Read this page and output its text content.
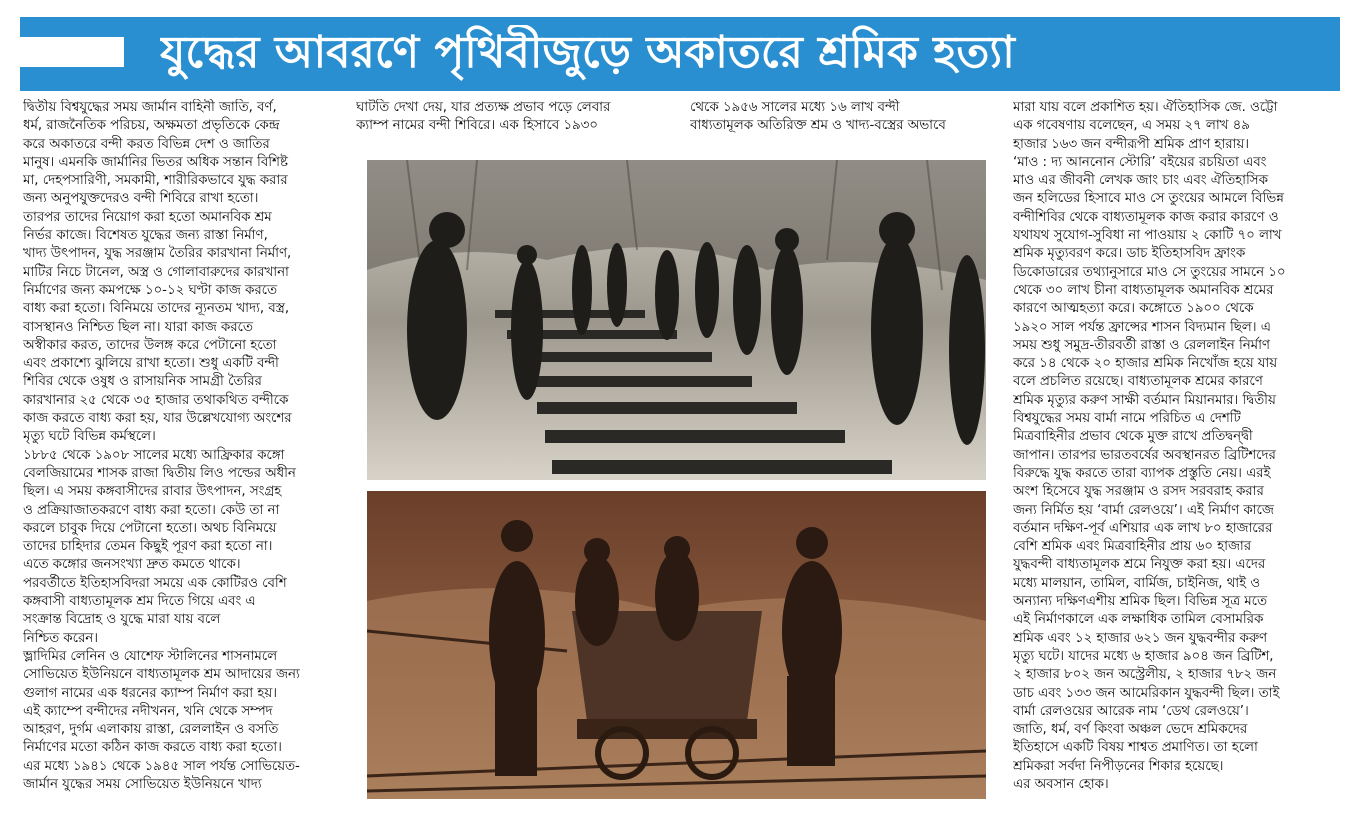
যুদ্ধের আবরণে পৃথিবীজুড়ে অকাতরে শ্রমিক হত্যা
দ্বিতীয় বিশ্বযুদ্ধের সময় জার্মান বাহিনী জাতি, বর্ণ,
ধর্ম, রাজনৈতিক পরিচয়, অক্ষমতা প্রভৃতিকে কেন্দ্র
করে অকাতরে বন্দী করত বিভিন্ন দেশ ও জাতির
মানুষ। এমনকি জার্মানির ভিতর অধিক সন্তান বিশিষ্ট
মা, দেহপসারিণী, সমকামী, শারীরিকভাবে যুদ্ধ করার
জন্য অনুপযুক্তদেরও বন্দী শিবিরে রাখা হতো।
তারপর তাদের নিয়োগ করা হতো অমানবিক শ্রম
নির্ভর কাজে। বিশেষত যুদ্ধের জন্য রাস্তা নির্মাণ,
খাদ্য উৎপাদন, যুদ্ধ সরঞ্জাম তৈরির কারখানা নির্মাণ,
মাটির নিচে টানেল, অস্ত্র ও গোলাবারুদের কারখানা
নির্মাণের জন্য কমপক্ষে ১০-১২ ঘণ্টা কাজ করতে
বাধ্য করা হতো। বিনিময়ে তাদের ন্যূনতম খাদ্য, বস্ত্র,
বাসস্থানও নিশ্চিত ছিল না। যারা কাজ করতে
অস্বীকার করত, তাদের উলঙ্গ করে পেটানো হতো
এবং প্রকাশ্যে ঝুলিয়ে রাখা হতো। শুধু একটি বন্দী
শিবির থেকে ওষুধ ও রাসায়নিক সামগ্রী তৈরির
কারখানার ২৫ থেকে ৩৫ হাজার তথাকথিত বন্দীকে
কাজ করতে বাধ্য করা হয়, যার উল্লেখযোগ্য অংশের
মৃত্যু ঘটে বিভিন্ন কর্মস্থলে।
১৮৮৫ থেকে ১৯০৮ সালের মধ্যে আফ্রিকার কঙ্গো
বেলজিয়ামের শাসক রাজা দ্বিতীয় লিও পল্ডের অধীন
ছিল। এ সময় কঙ্গবাসীদের রাবার উৎপাদন, সংগ্রহ
ও প্রক্রিয়াজাতকরণে বাধ্য করা হতো। কেউ তা না
করলে চাবুক দিয়ে পেটানো হতো। অথচ বিনিময়ে
তাদের চাহিদার তেমন কিছুই পূরণ করা হতো না।
এতে কঙ্গোর জনসংখ্যা দ্রুত কমতে থাকে।
পরবর্তীতে ইতিহাসবিদরা সময়ে এক কোটিরও বেশি
কঙ্গবাসী বাধ্যতামূলক শ্রম দিতে গিয়ে এবং এ
সংক্রান্ত বিদ্রোহ ও যুদ্ধে মারা যায় বলে
নিশ্চিত করেন।
ভ্লাদিমির লেনিন ও যোশেফ স্টালিনের শাসনামলে
সোভিয়েত ইউনিয়নে বাধ্যতামূলক শ্রম আদায়ের জন্য
গুলাগ নামের এক ধরনের ক্যাম্প নির্মাণ করা হয়।
এই ক্যাম্পে বন্দীদের নদীখনন, খনি থেকে সম্পদ
আহরণ, দুর্গম এলাকায় রাস্তা, রেললাইন ও বসতি
নির্মাণের মতো কঠিন কাজ করতে বাধ্য করা হতো।
এর মধ্যে ১৯৪১ থেকে ১৯৪৫ সাল পর্যন্ত সোভিয়েত-
জার্মান যুদ্ধের সময় সোভিয়েত ইউনিয়নে খাদ্য
ঘাটতি দেখা দেয়, যার প্রত্যক্ষ প্রভাব পড়ে লেবার
ক্যাম্প নামের বন্দী শিবিরে। এক হিসাবে ১৯৩০
থেকে ১৯৫৬ সালের মধ্যে ১৬ লাখ বন্দী
বাধ্যতামূলক অতিরিক্ত শ্রম ও খাদ্য-বস্ত্রের অভাবে
মারা যায় বলে প্রকাশিত হয়। ঐতিহাসিক জে. ওট্টো
এক গবেষণায় বলেছেন, এ সময় ২৭ লাখ ৪৯
হাজার ১৬৩ জন বন্দীরূপী শ্রমিক প্রাণ হারায়।
‘মাও : দ্য আননোন স্টোরি’ বইয়ের রচয়িতা এবং
মাও এর জীবনী লেখক জাং চাং এবং ঐতিহাসিক
জন হলিডের হিসাবে মাও সে তুংয়ের আমলে বিভিন্ন
বন্দীশিবির থেকে বাধ্যতামূলক কাজ করার কারণে ও
যথাযথ সুযোগ-সুবিধা না পাওয়ায় ২ কোটি ৭০ লাখ
শ্রমিক মৃত্যুবরণ করে। ডাচ ইতিহাসবিদ ফ্রাংক
ডিকোডারের তথ্যানুসারে মাও সে তুংয়ের সামনে ১০
থেকে ৩০ লাখ চীনা বাধ্যতামূলক অমানবিক শ্রমের
কারণে আত্মহত্যা করে। কঙ্গোতে ১৯০০ থেকে
১৯২০ সাল পর্যন্ত ফ্রান্সের শাসন বিদ্যমান ছিল। এ
সময় শুধু সমুদ্র-তীরবর্তী রাস্তা ও রেললাইন নির্মাণ
করে ১৪ থেকে ২০ হাজার শ্রমিক নিখোঁজ হয়ে যায়
বলে প্রচলিত রয়েছে। বাধ্যতামূলক শ্রমের কারণে
শ্রমিক মৃত্যুর করুণ সাক্ষী বর্তমান মিয়ানমার। দ্বিতীয়
বিশ্বযুদ্ধের সময় বার্মা নামে পরিচিত এ দেশটি
মিত্রবাহিনীর প্রভাব থেকে মুক্ত রাখে প্রতিদ্বন্দ্বী
জাপান। তারপর ভারতবর্ষের অবস্থানরত ব্রিটিশদের
বিরুদ্ধে যুদ্ধ করতে তারা ব্যাপক প্রস্তুতি নেয়। এরই
অংশ হিসেবে যুদ্ধ সরঞ্জাম ও রসদ সরবরাহ করার
জন্য নির্মিত হয় ‘বার্মা রেলওয়ে’। এই নির্মাণ কাজে
বর্তমান দক্ষিণ-পূর্ব এশিয়ার এক লাখ ৮০ হাজারের
বেশি শ্রমিক এবং মিত্রবাহিনীর প্রায় ৬০ হাজার
যুদ্ধবন্দী বাধ্যতামূলক শ্রমে নিযুক্ত করা হয়। এদের
মধ্যে মালয়ান, তামিল, বার্মিজ, চাইনিজ, থাই ও
অন্যান্য দক্ষিণএশীয় শ্রমিক ছিল। বিভিন্ন সূত্র মতে
এই নির্মাণকালে এক লক্ষাধিক তামিল বেসামরিক
শ্রমিক এবং ১২ হাজার ৬২১ জন যুদ্ধবন্দীর করুণ
মৃত্যু ঘটে। যাদের মধ্যে ৬ হাজার ৯০৪ জন ব্রিটিশ,
২ হাজার ৮০২ জন অস্ট্রেলীয়, ২ হাজার ৭৮২ জন
ডাচ এবং ১৩৩ জন আমেরিকান যুদ্ধবন্দী ছিল। তাই
বার্মা রেলওয়ের আরেক নাম ‘ডেথ রেলওয়ে’।
জাতি, ধর্ম, বর্ণ কিংবা অঞ্চল ভেদে শ্রমিকদের
ইতিহাসে একটি বিষয় শাশ্বত প্রমাণিত। তা হলো
শ্রমিকরা সর্বদা নিপীড়নের শিকার হয়েছে।
এর অবসান হোক।
